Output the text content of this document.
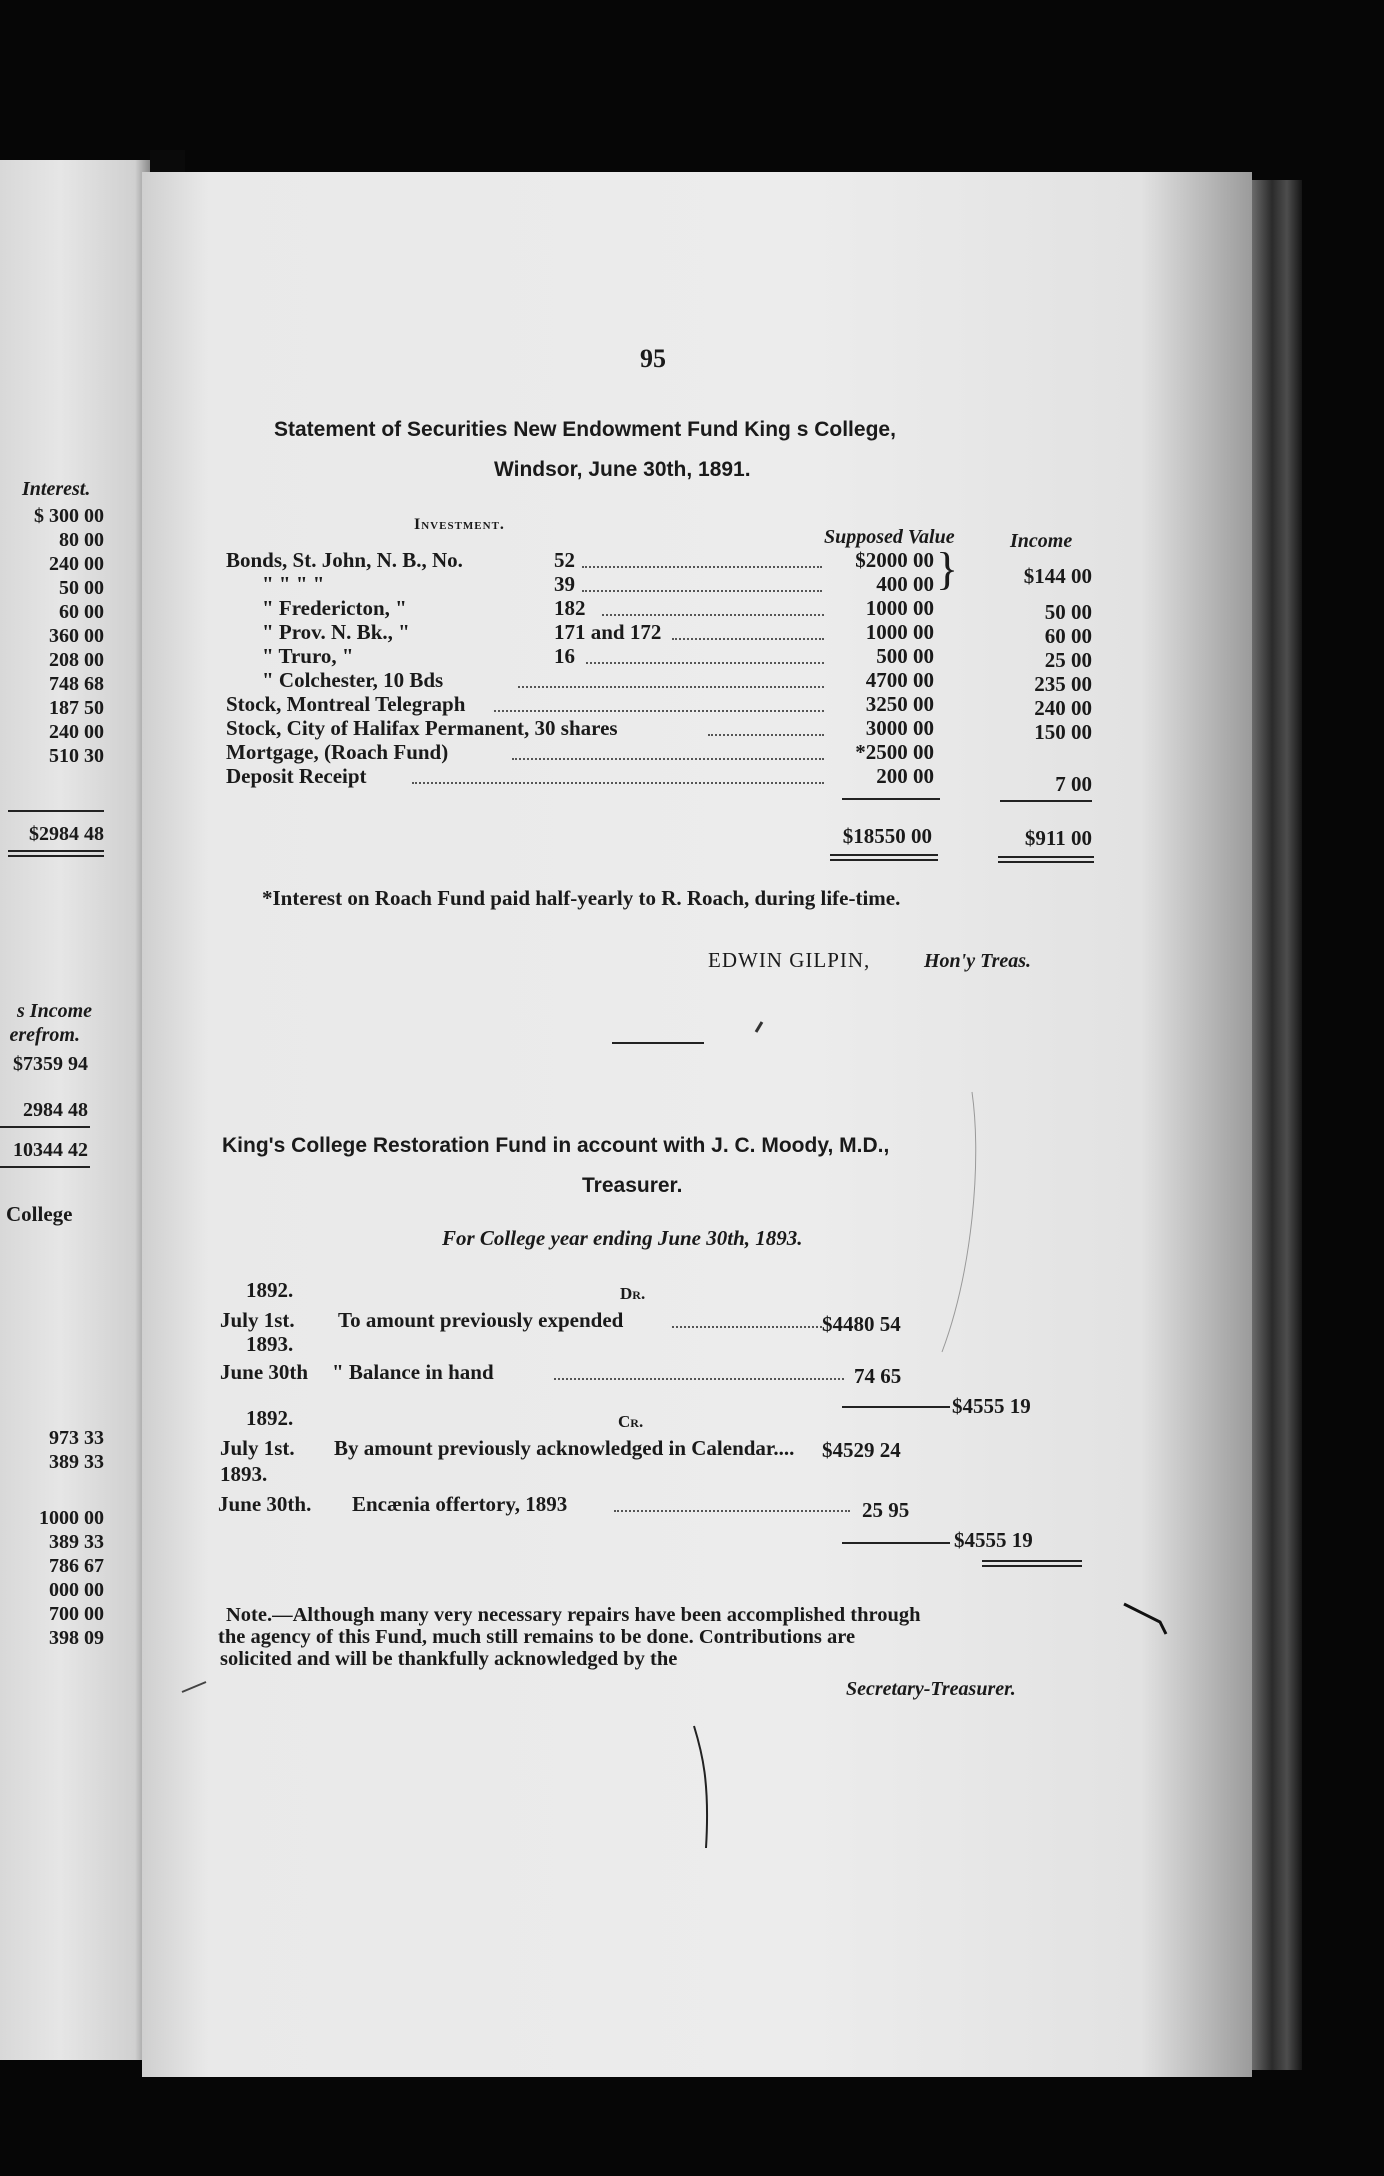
Interest.
$ 300 00
80 00
240 00
50 00
60 00
360 00
208 00
748 68
187 50
240 00
510 30
$2984 48
s Income
erefrom.
$7359 94
2984 48
10344 42
College
973 33
389 33
1000 00
389 33
786 67
000 00
700 00
398 09
95
Statement of Securities New Endowment Fund King s College,
Windsor, June 30th, 1891.
Investment.
Supposed Value	Income
Bonds, St. John, N. B., No.	52	$2000 00
" " " "	39	400 00 }	$144 00
" Fredericton, "	182	1000 00	50 00
" Prov. N. Bk., "	171 and 172	1000 00	60 00
" Truro, "	16	500 00	25 00
" Colchester, 10 Bds	4700 00	235 00
Stock, Montreal Telegraph	3250 00	240 00
Stock, City of Halifax Permanent, 30 shares	3000 00	150 00
Mortgage, (Roach Fund)	*2500 00
Deposit Receipt	200 00	7 00
$18550 00	$911 00
*Interest on Roach Fund paid half-yearly to R. Roach, during life-time.
EDWIN GILPIN,	Hon'y Treas.
King's College Restoration Fund in account with J. C. Moody, M.D.,
Treasurer.
For College year ending June 30th, 1893.
1892.	Dr.
July 1st. To amount previously expended	$4480 54
1893.
June 30th " Balance in hand	74 65
$4555 19
1892.	Cr.
July 1st. By amount previously acknowledged in Calendar.... $4529 24
1893.
June 30th. Encænia offertory, 1893	25 95
$4555 19
Note.—Although many very necessary repairs have been accomplished through
the agency of this Fund, much still remains to be done. Contributions are
solicited and will be thankfully acknowledged by the
Secretary-Treasurer.
